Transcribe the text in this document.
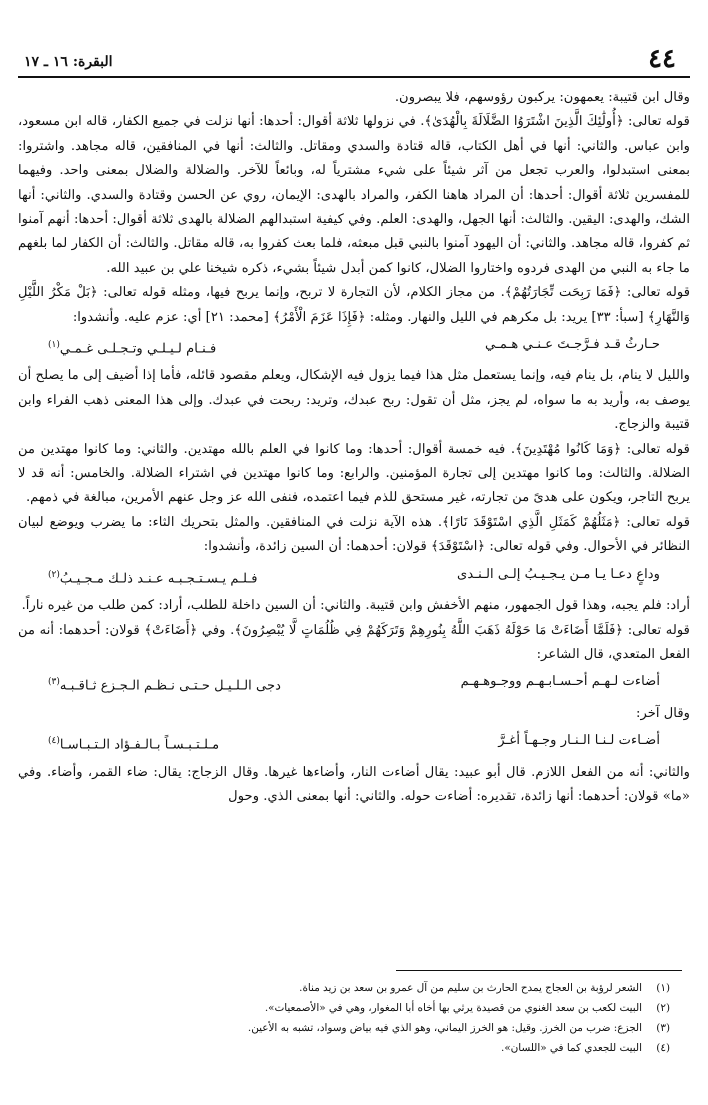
٤٤
البقرة: ١٦ ـ ١٧

وقال ابن قتيبة: يعمهون: يركبون رؤوسهم، فلا يبصرون.

قوله تعالى: ﴿أُولَٰئِكَ الَّذِينَ اشْتَرَوُا الضَّلَالَةَ بِالْهُدَىٰ﴾. في نزولها ثلاثة أقوال: أحدها: أنها نزلت في جميع الكفار، قاله ابن مسعود، وابن عباس. والثاني: أنها في أهل الكتاب، قاله قتادة والسدي ومقاتل. والثالث: أنها في المنافقين، قاله مجاهد. واشتروا: بمعنى استبدلوا، والعرب تجعل من آثر شيئاً على شيء مشترياً له، وبائعاً للآخر. والضلالة والضلال بمعنى واحد. وفيهما للمفسرين ثلاثة أقوال: أحدها: أن المراد هاهنا الكفر، والمراد بالهدى: الإيمان، روي عن الحسن وقتادة والسدي. والثاني: أنها الشك، والهدى: اليقين. والثالث: أنها الجهل، والهدى: العلم. وفي كيفية استبدالهم الضلالة بالهدى ثلاثة أقوال: أحدها: أنهم آمنوا ثم كفروا، قاله مجاهد. والثاني: أن اليهود آمنوا بالنبي قبل مبعثه، فلما بعث كفروا به، قاله مقاتل. والثالث: أن الكفار لما بلغهم ما جاء به النبي من الهدى فردوه واختاروا الضلال، كانوا كمن أبدل شيئاً بشيء، ذكره شيخنا علي بن عبيد الله.

قوله تعالى: ﴿فَمَا رَبِحَت تِّجَارَتُهُمْ﴾. من مجاز الكلام، لأن التجارة لا تربح، وإنما يربح فيها، ومثله قوله تعالى: ﴿بَلْ مَكْرُ اللَّيْلِ وَالنَّهَارِ﴾ [سبأ: ٣٣] يريد: بل مكرهم في الليل والنهار. ومثله: ﴿فَإِذَا عَزَمَ الْأَمْرُ﴾ [محمد: ٢١] أي: عزم عليه. وأنشدوا:

حـارثُ قـد فـرَّجـتَ عـنـي هـمـي
فـنـام لـيـلـي وتـجـلـى غـمـي$^{(١)}$

والليل لا ينام، بل ينام فيه، وإنما يستعمل مثل هذا فيما يزول فيه الإشكال، ويعلم مقصود قائله، فأما إذا أضيف إلى ما يصلح أن يوصف به، وأريد به ما سواه، لم يجز، مثل أن تقول: ربح عبدك، وتريد: ربحت في عبدك. وإلى هذا المعنى ذهب الفراء وابن قتيبة والزجاج.

قوله تعالى: ﴿وَمَا كَانُوا مُهْتَدِينَ﴾. فيه خمسة أقوال: أحدها: وما كانوا في العلم بالله مهتدين. والثاني: وما كانوا مهتدين من الضلالة. والثالث: وما كانوا مهتدين إلى تجارة المؤمنين. والرابع: وما كانوا مهتدين في اشتراء الضلالة. والخامس: أنه قد لا يربح التاجر، ويكون على هدىً من تجارته، غير مستحق للذم فيما اعتمده، فنفى الله عز وجل عنهم الأمرين، مبالغة في ذمهم.

قوله تعالى: ﴿مَثَلُهُمْ كَمَثَلِ الَّذِي اسْتَوْقَدَ نَارًا﴾. هذه الآية نزلت في المنافقين. والمثل بتحريك الثاء: ما يضرب ويوضع لبيان النظائر في الأحوال. وفي قوله تعالى: ﴿اسْتَوْقَدَ﴾ قولان: أحدهما: أن السين زائدة، وأنشدوا:

وداعٍ دعـا يـا مـن يـجـيـبُ إلـى الـنـدى
فـلـم يـسـتـجـبـه عـنـد ذلـك مـجـيـبُ$^{(٢)}$

أراد: فلم يجبه، وهذا قول الجمهور، منهم الأخفش وابن قتيبة. والثاني: أن السين داخلة للطلب، أراد: كمن طلب من غيره ناراً.

قوله تعالى: ﴿فَلَمَّا أَضَاءَتْ مَا حَوْلَهُ ذَهَبَ اللَّهُ بِنُورِهِمْ وَتَرَكَهُمْ فِي ظُلُمَاتٍ لَّا يُبْصِرُونَ﴾. وفي ﴿أَضَاءَتْ﴾ قولان: أحدهما: أنه من الفعل المتعدي، قال الشاعر:

أضاءت لـهـم أحـسـابـهـم ووجـوهـهـم
دجى الـلـيـل حـتـى نـظـم الـجـزع ثـاقـبـه$^{(٣)}$

وقال آخر:

أضـاءت لـنـا الـنـار وجـهـاً أغـرَّ
مـلـتـبـسـاً بـالـفـؤاد الـتـبـاسـا$^{(٤)}$

والثاني: أنه من الفعل اللازم. قال أبو عبيد: يقال أضاءت النار، وأضاءها غيرها. وقال الزجاج: يقال: ضاء القمر، وأضاء. وفي «ما» قولان: أحدهما: أنها زائدة، تقديره: أضاءت حوله. والثاني: أنها بمعنى الذي. وحول

(١)
الشعر لرؤبة بن العجاج يمدح الحارث بن سليم من آل عمرو بن سعد بن زيد مناة.
(٢)
البيت لكعب بن سعد الغنوي من قصيدة يرثي بها أخاه أبا المغوار، وهي في «الأصمعيات».
(٣)
الجزع: ضرب من الخرز. وقيل: هو الخرز اليماني، وهو الذي فيه بياض وسواد، تشبه به الأعين.
(٤)
البيت للجعدي كما في «اللسان».
